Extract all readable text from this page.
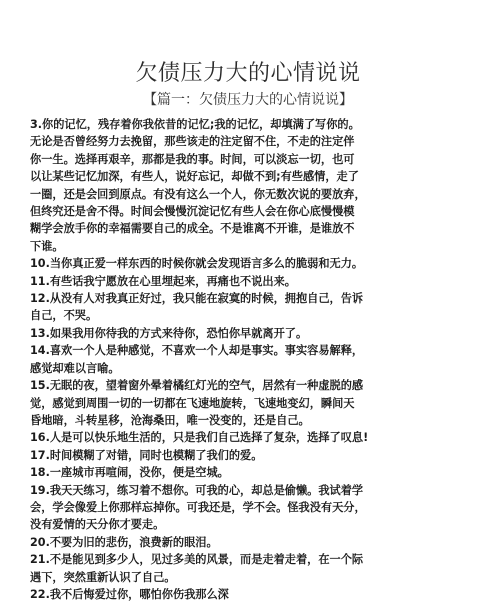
欠债压力大的心情说说
【篇一：欠债压力大的心情说说】

3.你的记忆，残存着你我依昔的记忆;我的记忆，却填满了写你的。
无论是否曾经努力去挽留，那些该走的注定留不住，不走的注定伴
你一生。选择再艰辛，那都是我的事。时间，可以淡忘一切，也可
以让某些记忆加深，有些人，说好忘记，却做不到;有些感情，走了
一圈，还是会回到原点。有没有这么一个人，你无数次说的要放弃，
但终究还是舍不得。时间会慢慢沉淀记忆有些人会在你心底慢慢模
糊学会放手你的幸福需要自己的成全。不是谁离不开谁，是谁放不
下谁。

10.当你真正爱一样东西的时候你就会发现语言多么的脆弱和无力。

11.有些话我宁愿放在心里埋起来，再痛也不说出来。

12.从没有人对我真正好过，我只能在寂寞的时候，拥抱自己，告诉
自己，不哭。

13.如果我用你待我的方式来待你，恐怕你早就离开了。

14.喜欢一个人是种感觉，不喜欢一个人却是事实。事实容易解释，
感觉却难以言喻。

15.无眠的夜，望着窗外晕着橘红灯光的空气，居然有一种虚脱的感
觉，感觉到周围一切的一切都在飞速地旋转，飞速地变幻，瞬间天
昏地暗，斗转星移，沧海桑田，唯一没变的，还是自己。

16.人是可以快乐地生活的，只是我们自己选择了复杂，选择了叹息!

17.时间模糊了对错，同时也模糊了我们的爱。

18.一座城市再喧闹，没你，便是空城。

19.我天天练习，练习着不想你。可我的心，却总是偷懒。我试着学
会，学会像爱上你那样忘掉你。可我还是，学不会。怪我没有天分，
没有爱情的天分你才要走。

20.不要为旧的悲伤，浪费新的眼泪。

21.不是能见到多少人，见过多美的风景，而是走着走着，在一个际
遇下，突然重新认识了自己。

22.我不后悔爱过你，哪怕你伤我那么深
